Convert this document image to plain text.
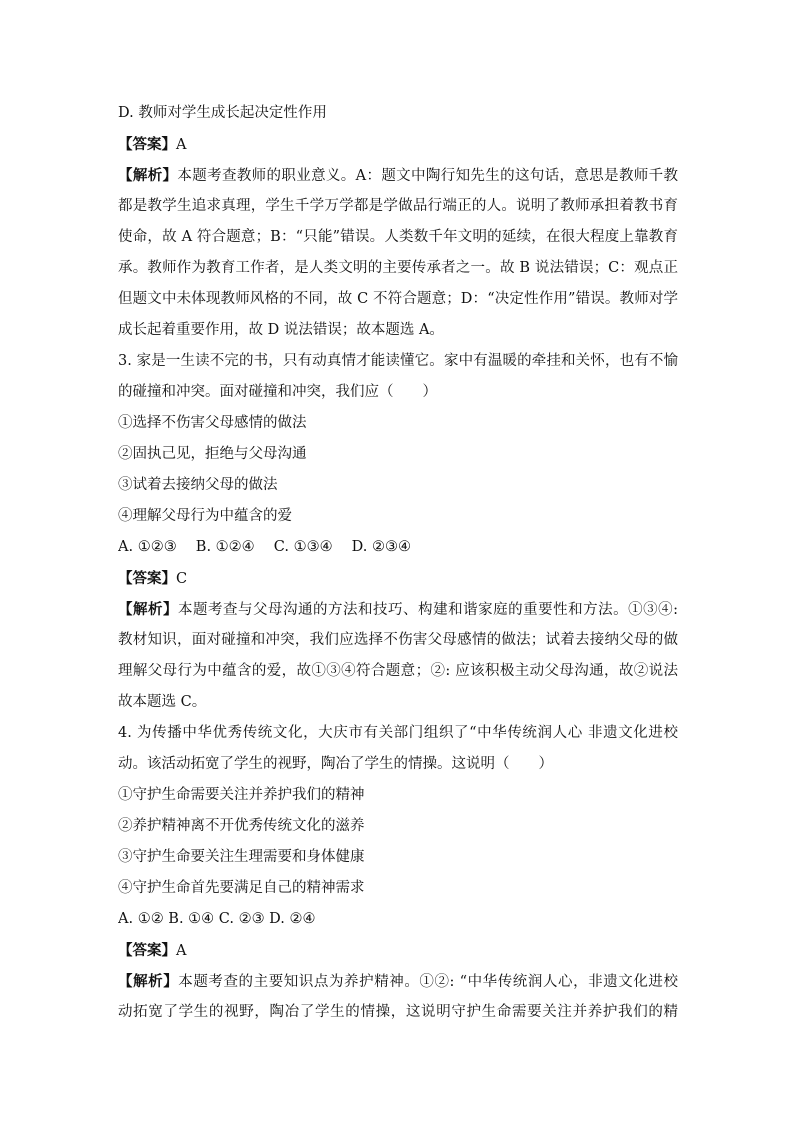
D. 教师对学生成长起决定性作用
【答案】A
【解析】本题考查教师的职业意义。A：题文中陶行知先生的这句话，意思是教师千教
都是教学生追求真理，学生千学万学都是学做品行端正的人。说明了教师承担着教书育
使命，故 A 符合题意；B：“只能”错误。人类数千年文明的延续，在很大程度上靠教育
承。教师作为教育工作者，是人类文明的主要传承者之一。故 B 说法错误；C：观点正
但题文中未体现教师风格的不同，故 C 不符合题意；D：“决定性作用”错误。教师对学
成长起着重要作用，故 D 说法错误；故本题选 A。
3. 家是一生读不完的书，只有动真情才能读懂它。家中有温暖的牵挂和关怀，也有不愉
的碰撞和冲突。面对碰撞和冲突，我们应（　　）
①选择不伤害父母感情的做法
②固执己见，拒绝与父母沟通
③试着去接纳父母的做法
④理解父母行为中蕴含的爱
A. ①②③　 B. ①②④　 C. ①③④　 D. ②③④
【答案】C
【解析】本题考查与父母沟通的方法和技巧、构建和谐家庭的重要性和方法。①③④:
教材知识，面对碰撞和冲突，我们应选择不伤害父母感情的做法；试着去接纳父母的做
理解父母行为中蕴含的爱，故①③④符合题意；②: 应该积极主动父母沟通，故②说法
故本题选 C。
4. 为传播中华优秀传统文化，大庆市有关部门组织了“中华传统润人心 非遗文化进校
动。该活动拓宽了学生的视野，陶冶了学生的情操。这说明（　　）
①守护生命需要关注并养护我们的精神
②养护精神离不开优秀传统文化的滋养
③守护生命要关注生理需要和身体健康
④守护生命首先要满足自己的精神需求
A. ①② B. ①④ C. ②③ D. ②④
【答案】A
【解析】本题考查的主要知识点为养护精神。①②: “中华传统润人心，非遗文化进校
动拓宽了学生的视野，陶冶了学生的情操，这说明守护生命需要关注并养护我们的精
